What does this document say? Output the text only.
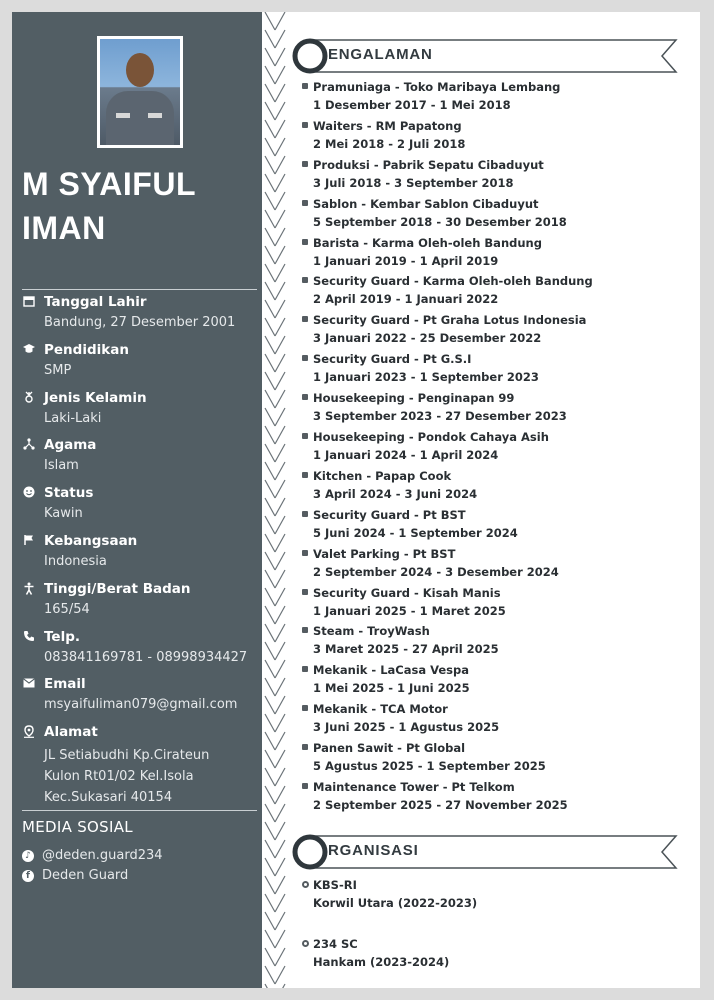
M SYAIFUL
IMAN
Tanggal Lahir
Bandung, 27 Desember 2001
Pendidikan
SMP
Jenis Kelamin
Laki-Laki
Agama
Islam
Status
Kawin
Kebangsaan
Indonesia
Tinggi/Berat Badan
165/54
Telp.
083841169781 - 08998934427
Email
msyaifuliman079@gmail.com
Alamat
JL Setiabudhi Kp.Cirateun
Kulon Rt01/02 Kel.Isola
Kec.Sukasari 40154
MEDIA SOSIAL
♪ @deden.guard234
f Deden Guard
ENGALAMAN
Pramuniaga - Toko Maribaya Lembang
1 Desember 2017 - 1 Mei 2018
Waiters - RM Papatong
2 Mei 2018 - 2 Juli 2018
Produksi - Pabrik Sepatu Cibaduyut
3 Juli 2018 - 3 September 2018
Sablon - Kembar Sablon Cibaduyut
5 September 2018 - 30 Desember 2018
Barista - Karma Oleh-oleh Bandung
1 Januari 2019 - 1 April 2019
Security Guard - Karma Oleh-oleh Bandung
2 April 2019 - 1 Januari 2022
Security Guard - Pt Graha Lotus Indonesia
3 Januari 2022 - 25 Desember 2022
Security Guard - Pt G.S.I
1 Januari 2023 - 1 September 2023
Housekeeping - Penginapan 99
3 September 2023 - 27 Desember 2023
Housekeeping - Pondok Cahaya Asih
1 Januari 2024 - 1 April 2024
Kitchen - Papap Cook
3 April 2024 - 3 Juni 2024
Security Guard - Pt BST
5 Juni 2024 - 1 September 2024
Valet Parking - Pt BST
2 September 2024 - 3 Desember 2024
Security Guard - Kisah Manis
1 Januari 2025 - 1 Maret 2025
Steam - TroyWash
3 Maret 2025 - 27 April 2025
Mekanik - LaCasa Vespa
1 Mei 2025 - 1 Juni 2025
Mekanik - TCA Motor
3 Juni 2025 - 1 Agustus 2025
Panen Sawit - Pt Global
5 Agustus 2025 - 1 September 2025
Maintenance Tower - Pt Telkom
2 September 2025 - 27 November 2025
RGANISASI
KBS-RI
Korwil Utara (2022-2023)
234 SC
Hankam (2023-2024)
